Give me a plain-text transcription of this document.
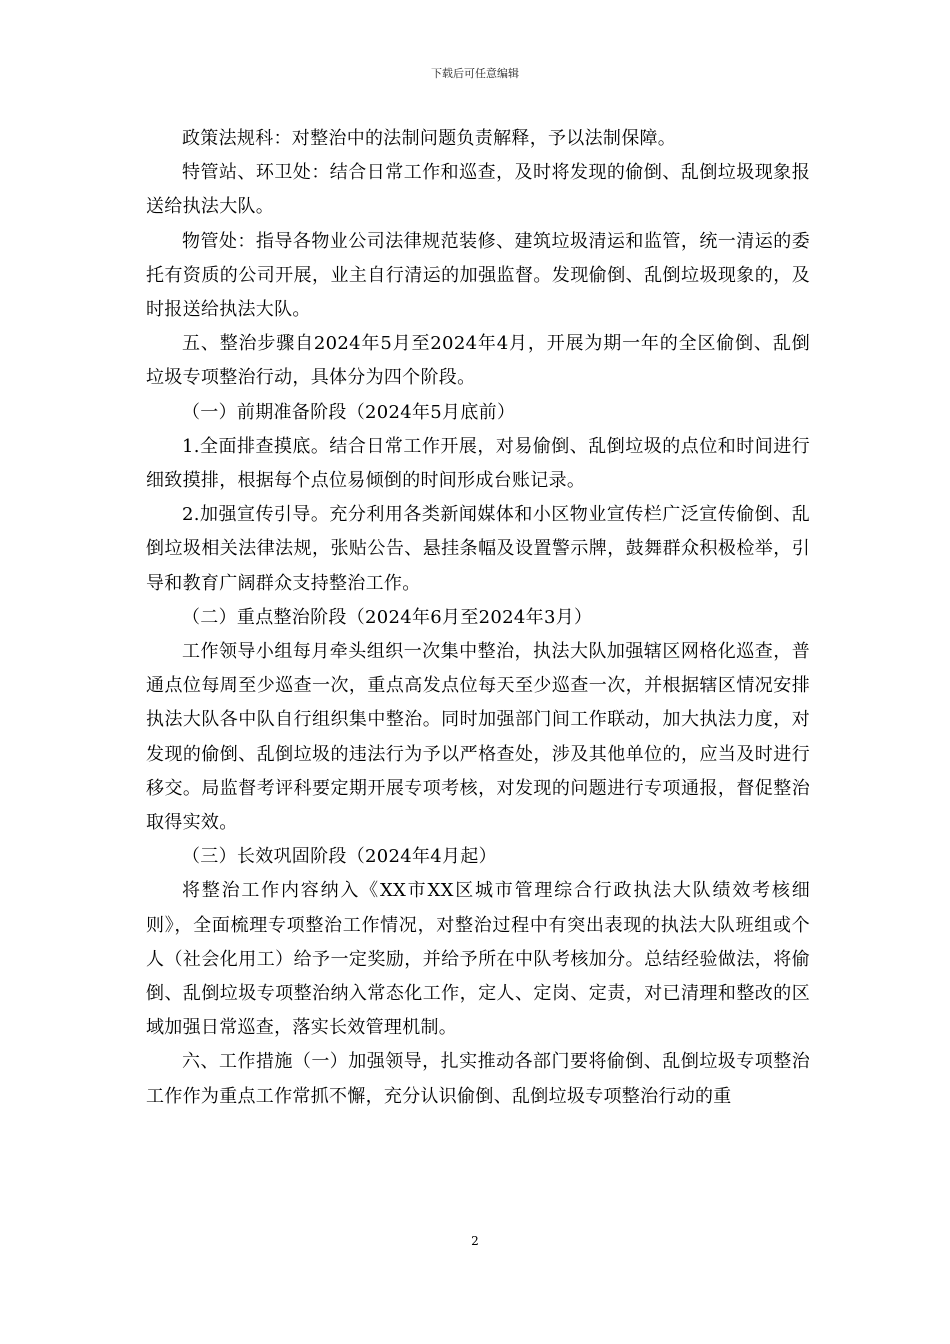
下载后可任意编辑

政策法规科：对整治中的法制问题负责解释，予以法制保障。

特管站、环卫处：结合日常工作和巡查，及时将发现的偷倒、乱倒垃圾现象报送给执法大队。

物管处：指导各物业公司法律规范装修、建筑垃圾清运和监管，统一清运的委托有资质的公司开展，业主自行清运的加强监督。发现偷倒、乱倒垃圾现象的，及时报送给执法大队。

五、整治步骤自2024年5月至2024年4月，开展为期一年的全区偷倒、乱倒垃圾专项整治行动，具体分为四个阶段。

（一）前期准备阶段（2024年5月底前）

1.全面排查摸底。结合日常工作开展，对易偷倒、乱倒垃圾的点位和时间进行细致摸排，根据每个点位易倾倒的时间形成台账记录。

2.加强宣传引导。充分利用各类新闻媒体和小区物业宣传栏广泛宣传偷倒、乱倒垃圾相关法律法规，张贴公告、悬挂条幅及设置警示牌，鼓舞群众积极检举，引导和教育广阔群众支持整治工作。

（二）重点整治阶段（2024年6月至2024年3月）

工作领导小组每月牵头组织一次集中整治，执法大队加强辖区网格化巡查，普通点位每周至少巡查一次，重点高发点位每天至少巡查一次，并根据辖区情况安排执法大队各中队自行组织集中整治。同时加强部门间工作联动，加大执法力度，对发现的偷倒、乱倒垃圾的违法行为予以严格查处，涉及其他单位的，应当及时进行移交。局监督考评科要定期开展专项考核，对发现的问题进行专项通报，督促整治取得实效。

（三）长效巩固阶段（2024年4月起）

将整治工作内容纳入《XX市XX区城市管理综合行政执法大队绩效考核细则》，全面梳理专项整治工作情况，对整治过程中有突出表现的执法大队班组或个人（社会化用工）给予一定奖励，并给予所在中队考核加分。总结经验做法，将偷倒、乱倒垃圾专项整治纳入常态化工作，定人、定岗、定责，对已清理和整改的区域加强日常巡查，落实长效管理机制。

六、工作措施（一）加强领导，扎实推动各部门要将偷倒、乱倒垃圾专项整治工作作为重点工作常抓不懈，充分认识偷倒、乱倒垃圾专项整治行动的重

2
